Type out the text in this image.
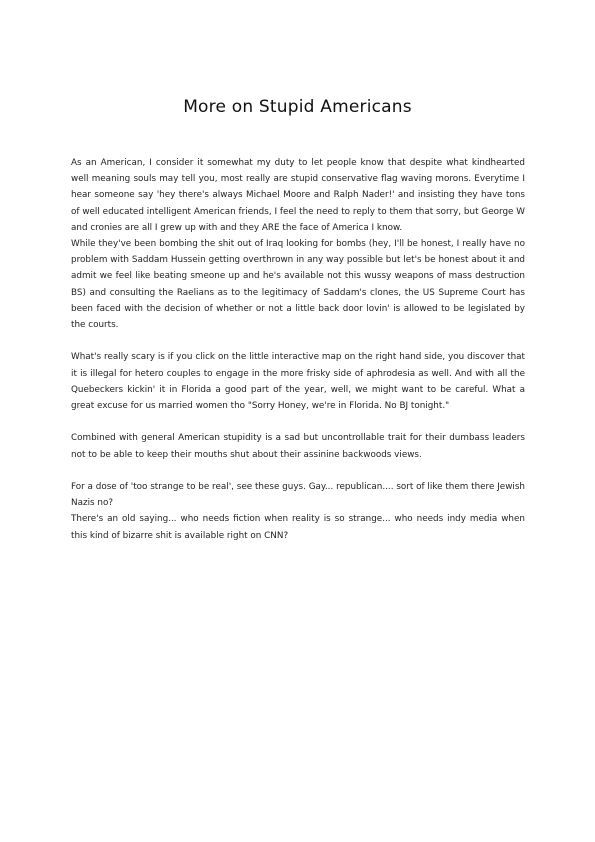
More on Stupid Americans

As an American, I consider it somewhat my duty to let people know that despite what kindhearted well meaning souls may tell you, most really are stupid conservative flag waving morons. Everytime I hear someone say 'hey there's always Michael Moore and Ralph Nader!' and insisting they have tons of well educated intelligent American friends, I feel the need to reply to them that sorry, but George W and cronies are all I grew up with and they ARE the face of America I know.

While they've been bombing the shit out of Iraq looking for bombs (hey, I'll be honest, I really have no problem with Saddam Hussein getting overthrown in any way possible but let's be honest about it and admit we feel like beating smeone up and he's available not this wussy weapons of mass destruction BS) and consulting the Raelians as to the legitimacy of Saddam's clones, the US Supreme Court has been faced with the decision of whether or not a little back door lovin' is allowed to be legislated by the courts.

What's really scary is if you click on the little interactive map on the right hand side, you discover that it is illegal for hetero couples to engage in the more frisky side of aphrodesia as well. And with all the Quebeckers kickin' it in Florida a good part of the year, well, we might want to be careful. What a great excuse for us married women tho "Sorry Honey, we're in Florida. No BJ tonight."

Combined with general American stupidity is a sad but uncontrollable trait for their dumbass leaders not to be able to keep their mouths shut about their assinine backwoods views.

For a dose of 'too strange to be real', see these guys. Gay... republican.... sort of like them there Jewish Nazis no?

There's an old saying... who needs fiction when reality is so strange... who needs indy media when this kind of bizarre shit is available right on CNN?
